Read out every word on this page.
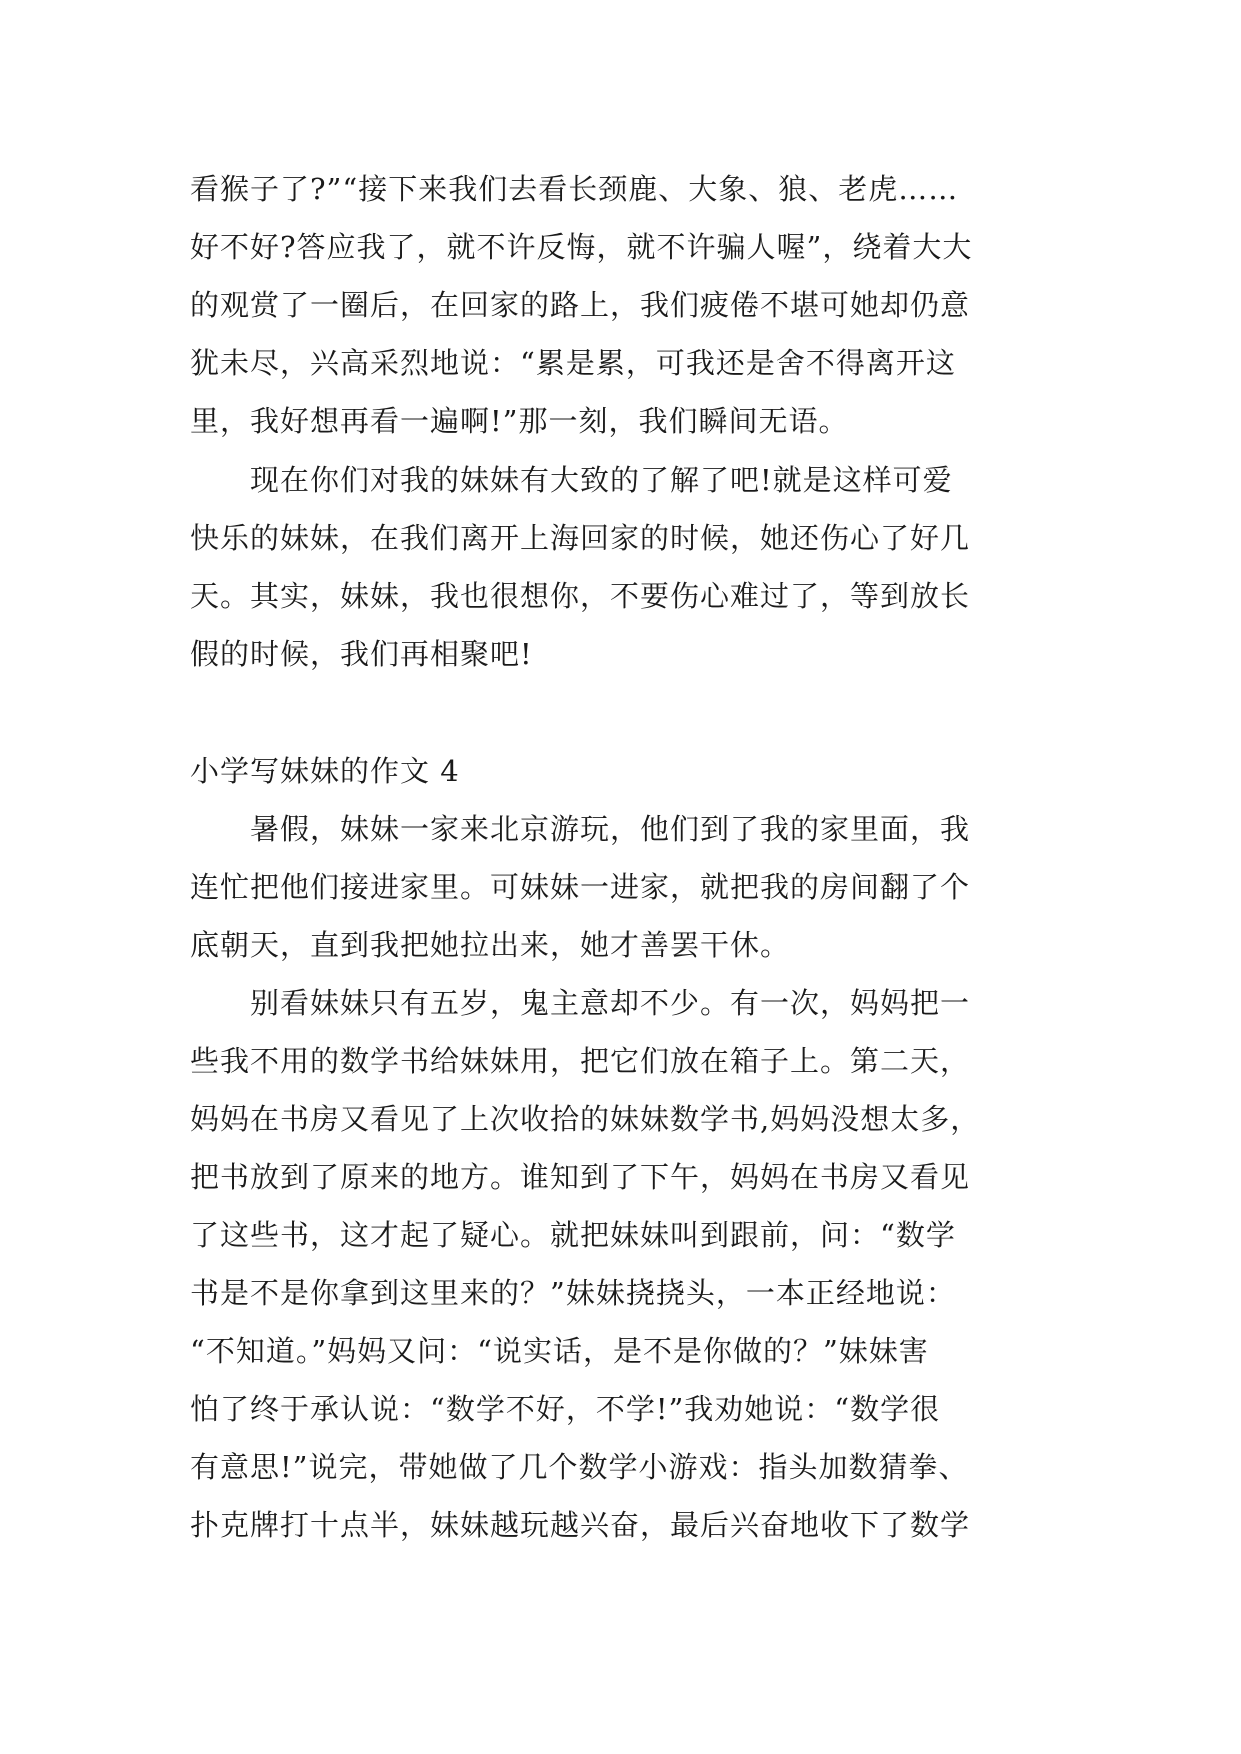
看猴子了?”“接下来我们去看长颈鹿、大象、狼、老虎……
好不好?答应我了，就不许反悔，就不许骗人喔”，绕着大大
的观赏了一圈后，在回家的路上，我们疲倦不堪可她却仍意
犹未尽，兴高采烈地说：“累是累，可我还是舍不得离开这
里，我好想再看一遍啊!”那一刻，我们瞬间无语。
现在你们对我的妹妹有大致的了解了吧!就是这样可爱
快乐的妹妹，在我们离开上海回家的时候，她还伤心了好几
天。其实，妹妹，我也很想你，不要伤心难过了，等到放长
假的时候，我们再相聚吧!
小学写妹妹的作文 4
暑假，妹妹一家来北京游玩，他们到了我的家里面，我
连忙把他们接进家里。可妹妹一进家，就把我的房间翻了个
底朝天，直到我把她拉出来，她才善罢干休。
别看妹妹只有五岁，鬼主意却不少。有一次，妈妈把一
些我不用的数学书给妹妹用，把它们放在箱子上。第二天，
妈妈在书房又看见了上次收拾的妹妹数学书,妈妈没想太多，
把书放到了原来的地方。谁知到了下午，妈妈在书房又看见
了这些书，这才起了疑心。就把妹妹叫到跟前，问：“数学
书是不是你拿到这里来的？”妹妹挠挠头，一本正经地说：
“不知道。”妈妈又问：“说实话，是不是你做的？”妹妹害
怕了终于承认说：“数学不好，不学!”我劝她说：“数学很
有意思!”说完，带她做了几个数学小游戏：指头加数猜拳、
扑克牌打十点半，妹妹越玩越兴奋，最后兴奋地收下了数学
